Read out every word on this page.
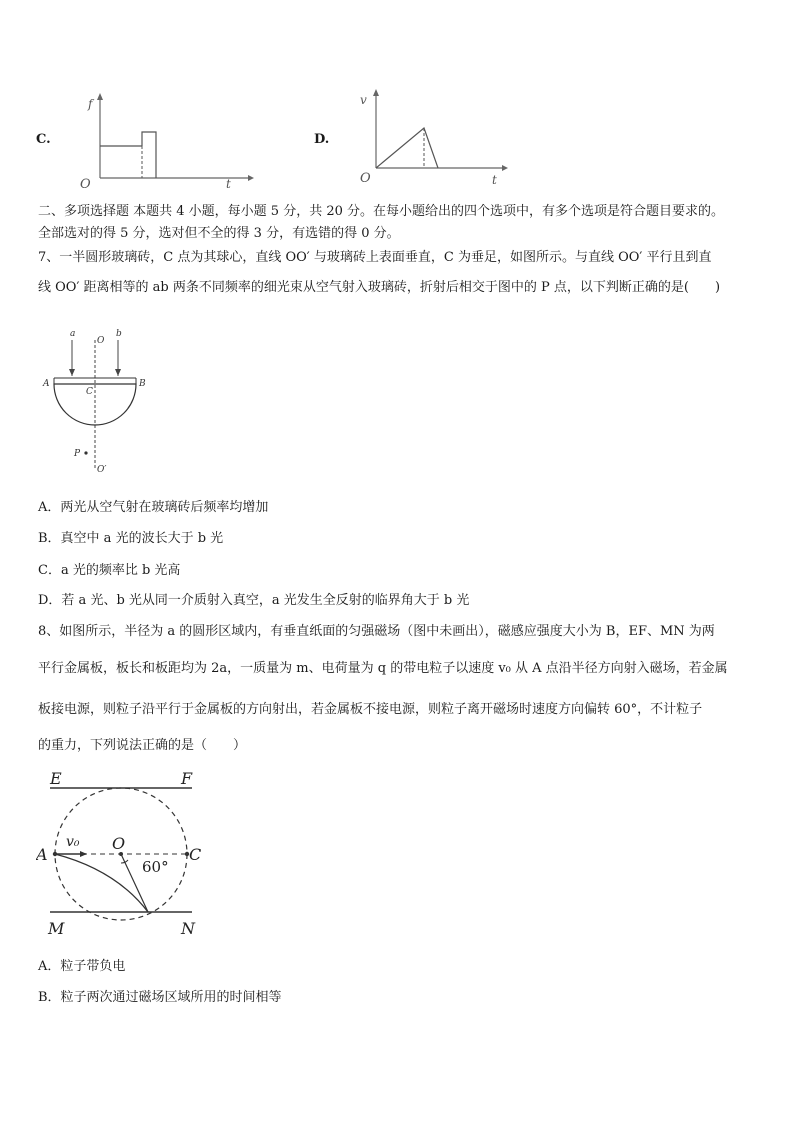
C.
f
t
O
D.
v
t
O
二、多项选择题 本题共 4 小题，每小题 5 分，共 20 分。在每小题给出的四个选项中，有多个选项是符合题目要求的。
全部选对的得 5 分，选对但不全的得 3 分，有选错的得 0 分。
7、一半圆形玻璃砖，C 点为其球心，直线 OO′ 与玻璃砖上表面垂直，C 为垂足，如图所示。与直线 OO′ 平行且到直
线 OO′ 距离相等的 ab 两条不同频率的细光束从空气射入玻璃砖，折射后相交于图中的 P 点，以下判断正确的是(　　)
a	b
O
A	B
C
P
O′
A．两光从空气射在玻璃砖后频率均增加
B．真空中 a 光的波长大于 b 光
C．a 光的频率比 b 光高
D．若 a 光、b 光从同一介质射入真空，a 光发生全反射的临界角大于 b 光
8、如图所示，半径为 a 的圆形区域内，有垂直纸面的匀强磁场（图中未画出），磁感应强度大小为 B，EF、MN 为两
平行金属板，板长和板距均为 2a，一质量为 m、电荷量为 q 的带电粒子以速度 v₀ 从 A 点沿半径方向射入磁场，若金属
板接电源，则粒子沿平行于金属板的方向射出，若金属板不接电源，则粒子离开磁场时速度方向偏转 60°，不计粒子
的重力，下列说法正确的是（　　）
E	F
M	N
A	C
O
v₀
60°
A．粒子带负电
B．粒子两次通过磁场区域所用的时间相等
